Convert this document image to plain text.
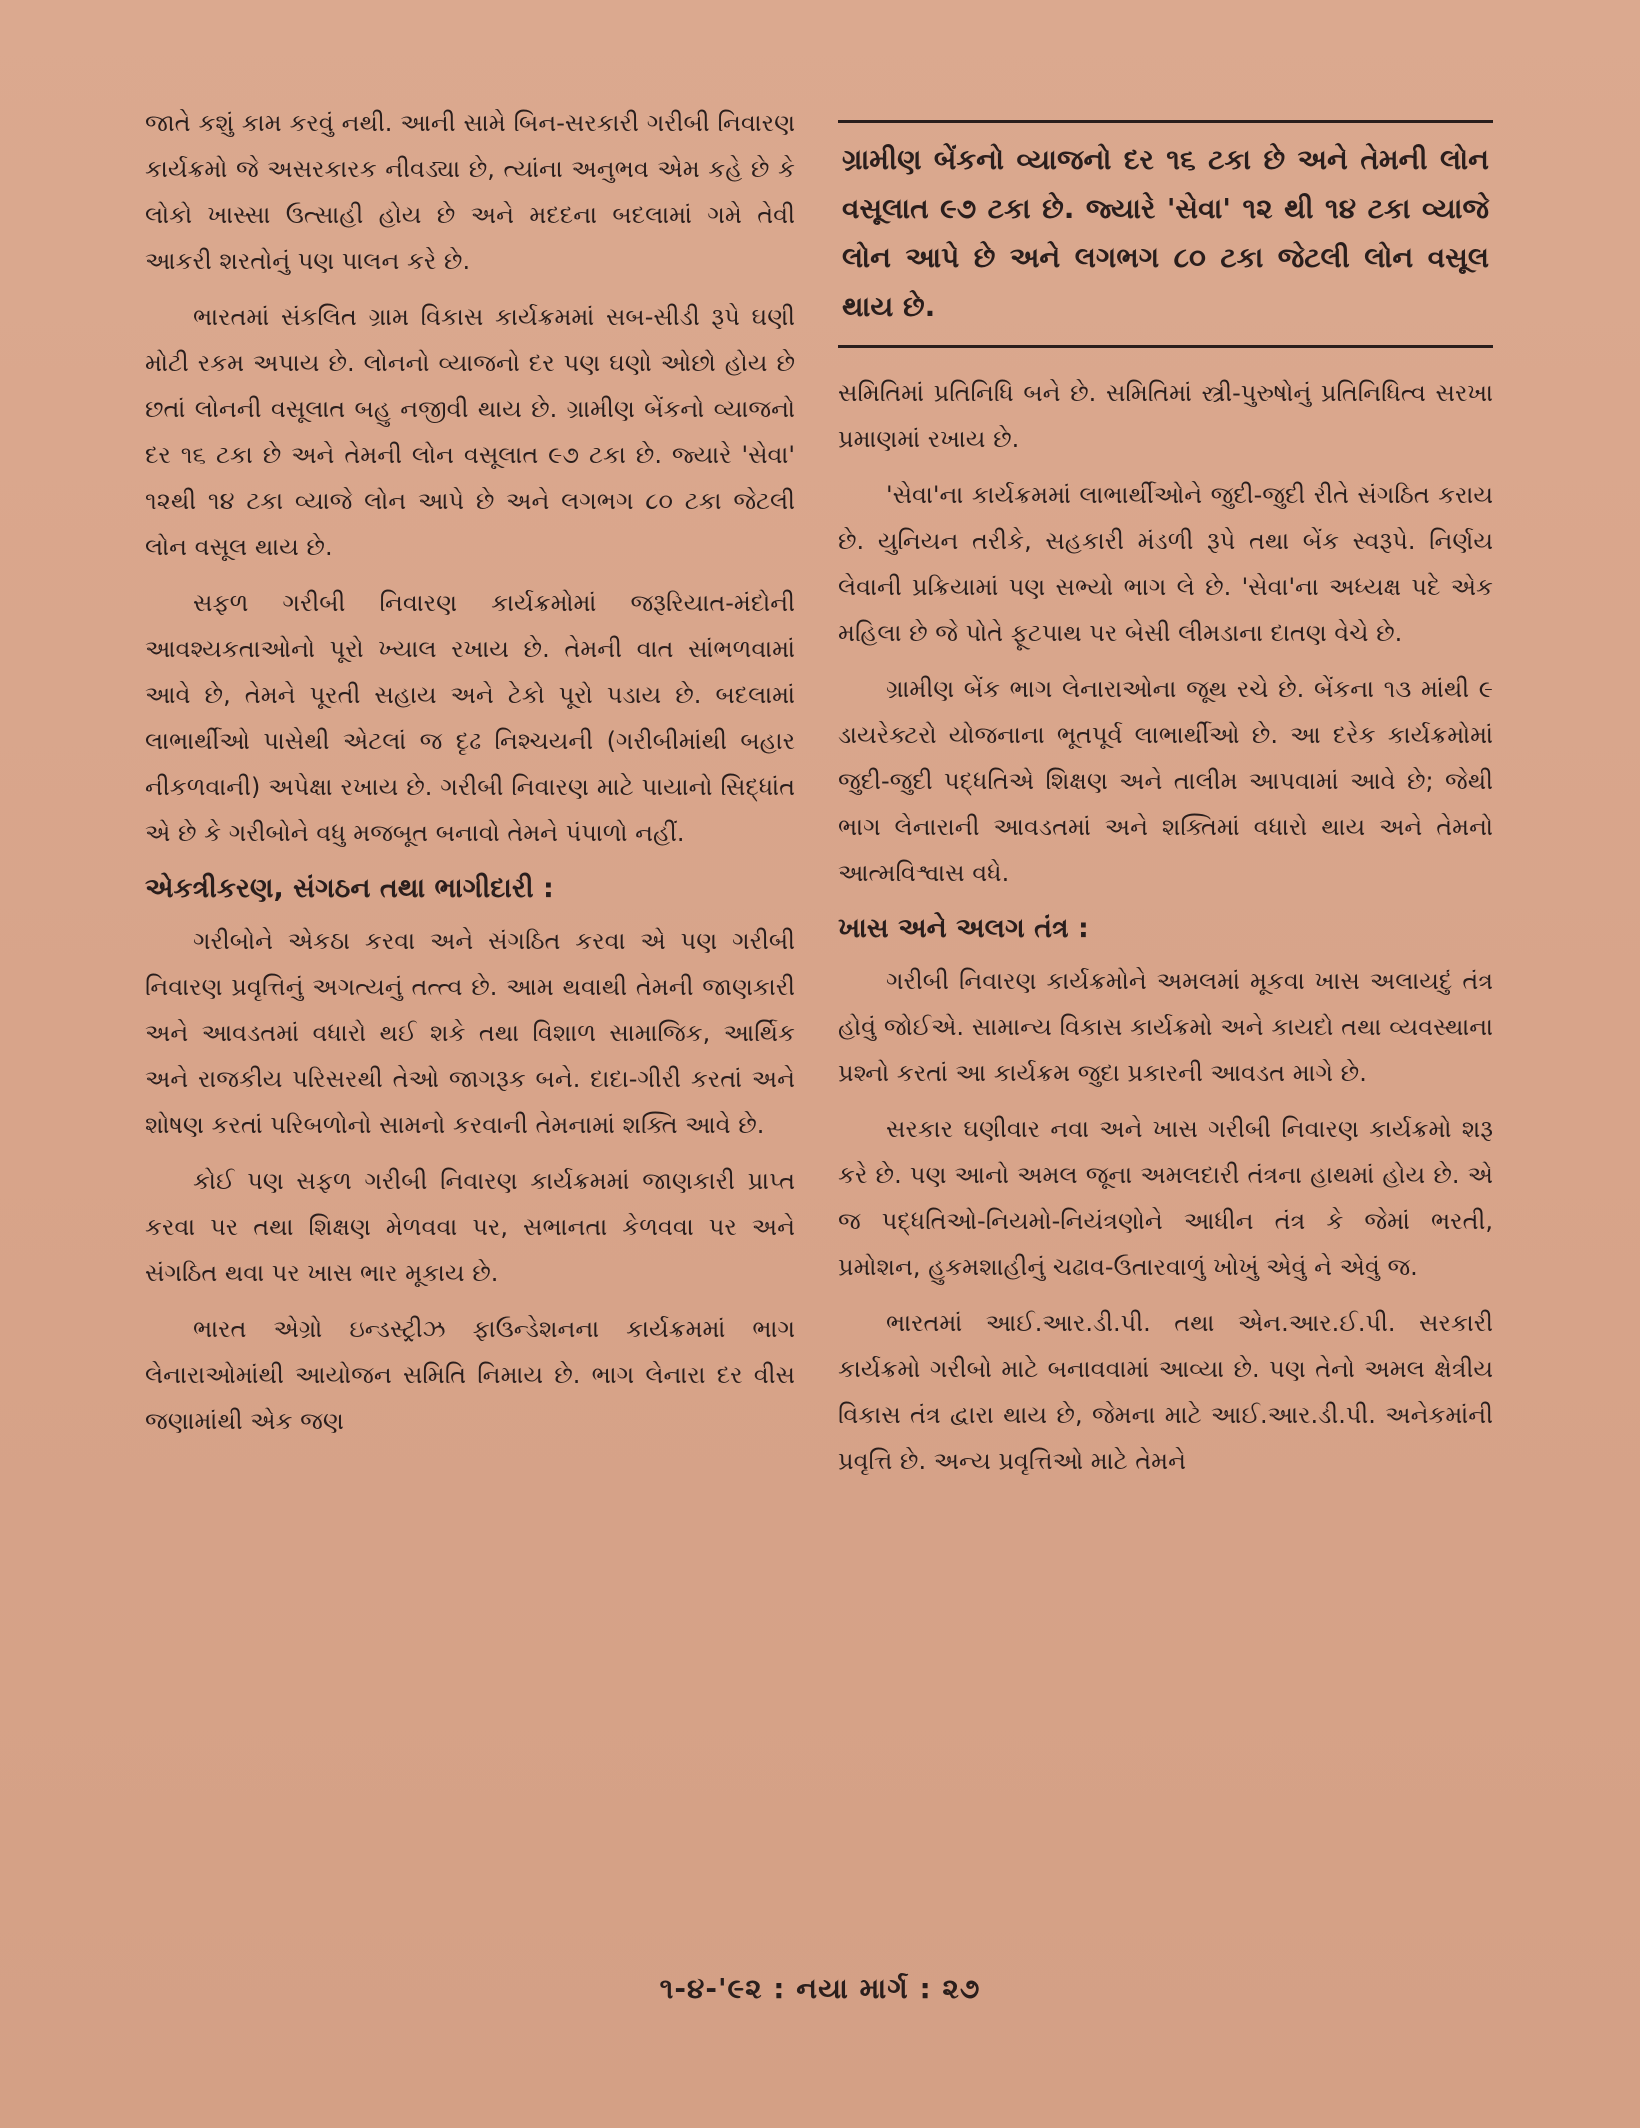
જાતે કશું કામ કરવું નથી. આની સામે બિન-સરકારી ગરીબી નિવારણ કાર્યક્રમો જે અસરકારક નીવડ્યા છે, ત્યાંના અનુભવ એમ કહે છે કે લોકો ખાસ્સા ઉત્સાહી હોય છે અને મદદના બદલામાં ગમે તેવી આકરી શરતોનું પણ પાલન કરે છે.

ભારતમાં સંકલિત ગ્રામ વિકાસ કાર્યક્રમમાં સબ-સીડી રૂપે ઘણી મોટી રકમ અપાય છે. લોનનો વ્યાજનો દર પણ ઘણો ઓછો હોય છે છતાં લોનની વસૂલાત બહુ નજીવી થાય છે. ગ્રામીણ બેંકનો વ્યાજનો દર ૧૬ ટકા છે અને તેમની લોન વસૂલાત ૯૭ ટકા છે. જ્યારે 'સેવા' ૧૨થી ૧૪ ટકા વ્યાજે લોન આપે છે અને લગભગ ૮૦ ટકા જેટલી લોન વસૂલ થાય છે.

સફળ ગરીબી નિવારણ કાર્યક્રમોમાં જરૂરિયાત-મંદોની આવશ્યકતાઓનો પૂરો ખ્યાલ રખાય છે. તેમની વાત સાંભળવામાં આવે છે, તેમને પૂરતી સહાય અને ટેકો પૂરો પડાય છે. બદલામાં લાભાર્થીઓ પાસેથી એટલાં જ દૃઢ નિશ્ચયની (ગરીબીમાંથી બહાર નીકળવાની) અપેક્ષા રખાય છે. ગરીબી નિવારણ માટે પાયાનો સિદ્ધાંત એ છે કે ગરીબોને વધુ મજબૂત બનાવો તેમને પંપાળો નહીં.

એકત્રીકરણ, સંગઠન તથા ભાગીદારી :

ગરીબોને એકઠા કરવા અને સંગઠિત કરવા એ પણ ગરીબી નિવારણ પ્રવૃત્તિનું અગત્યનું તત્ત્વ છે. આમ થવાથી તેમની જાણકારી અને આવડતમાં વધારો થઈ શકે તથા વિશાળ સામાજિક, આર્થિક અને રાજકીય પરિસરથી તેઓ જાગરૂક બને. દાદા-ગીરી કરતાં અને શોષણ કરતાં પરિબળોનો સામનો કરવાની તેમનામાં શક્તિ આવે છે.

કોઈ પણ સફળ ગરીબી નિવારણ કાર્યક્રમમાં જાણકારી પ્રાપ્ત કરવા પર તથા શિક્ષણ મેળવવા પર, સભાનતા કેળવવા પર અને સંગઠિત થવા પર ખાસ ભાર મૂકાય છે.

ભારત એગ્રો ઇન્ડસ્ટ્રીઝ ફાઉન્ડેશનના કાર્યક્રમમાં ભાગ લેનારાઓમાંથી આયોજન સમિતિ નિમાય છે. ભાગ લેનારા દર વીસ જણામાંથી એક જણ

ગ્રામીણ બેંકનો વ્યાજનો દર ૧૬ ટકા છે અને તેમની લોન વસૂલાત ૯૭ ટકા છે. જ્યારે 'સેવા' ૧૨ થી ૧૪ ટકા વ્યાજે લોન આપે છે અને લગભગ ૮૦ ટકા જેટલી લોન વસૂલ થાય છે.

સમિતિમાં પ્રતિનિધિ બને છે. સમિતિમાં સ્ત્રી-પુરુષોનું પ્રતિનિધિત્વ સરખા પ્રમાણમાં રખાય છે.

'સેવા'ના કાર્યક્રમમાં લાભાર્થીઓને જુદી-જુદી રીતે સંગઠિત કરાય છે. યુનિયન તરીકે, સહકારી મંડળી રૂપે તથા બેંક સ્વરૂપે. નિર્ણય લેવાની પ્રક્રિયામાં પણ સભ્યો ભાગ લે છે. 'સેવા'ના અધ્યક્ષ પદે એક મહિલા છે જે પોતે ફૂટપાથ પર બેસી લીમડાના દાતણ વેચે છે.

ગ્રામીણ બેંક ભાગ લેનારાઓના જૂથ રચે છે. બેંકના ૧૩ માંથી ૯ ડાયરેક્ટરો યોજનાના ભૂતપૂર્વ લાભાર્થીઓ છે. આ દરેક કાર્યક્રમોમાં જુદી-જુદી પદ્ધતિએ શિક્ષણ અને તાલીમ આપવામાં આવે છે; જેથી ભાગ લેનારાની આવડતમાં અને શક્તિમાં વધારો થાય અને તેમનો આત્મવિશ્વાસ વધે.

ખાસ અને અલગ તંત્ર :

ગરીબી નિવારણ કાર્યક્રમોને અમલમાં મૂકવા ખાસ અલાયદું તંત્ર હોવું જોઈએ. સામાન્ય વિકાસ કાર્યક્રમો અને કાયદો તથા વ્યવસ્થાના પ્રશ્નો કરતાં આ કાર્યક્રમ જુદા પ્રકારની આવડત માગે છે.

સરકાર ઘણીવાર નવા અને ખાસ ગરીબી નિવારણ કાર્યક્રમો શરૂ કરે છે. પણ આનો અમલ જૂના અમલદારી તંત્રના હાથમાં હોય છે. એ જ પદ્ધતિઓ-નિયમો-નિયંત્રણોને આધીન તંત્ર કે જેમાં ભરતી, પ્રમોશન, હુકમશાહીનું ચઢાવ-ઉતારવાળું ખોખું એવું ને એવું જ.

ભારતમાં આઈ.આર.ડી.પી. તથા એન.આર.ઈ.પી. સરકારી કાર્યક્રમો ગરીબો માટે બનાવવામાં આવ્યા છે. પણ તેનો અમલ ક્ષેત્રીય વિકાસ તંત્ર દ્વારા થાય છે, જેમના માટે આઈ.આર.ડી.પી. અનેકમાંની પ્રવૃત્તિ છે. અન્ય પ્રવૃત્તિઓ માટે તેમને

૧-૪-'૯૨ : નયા માર્ગ : ૨૭
